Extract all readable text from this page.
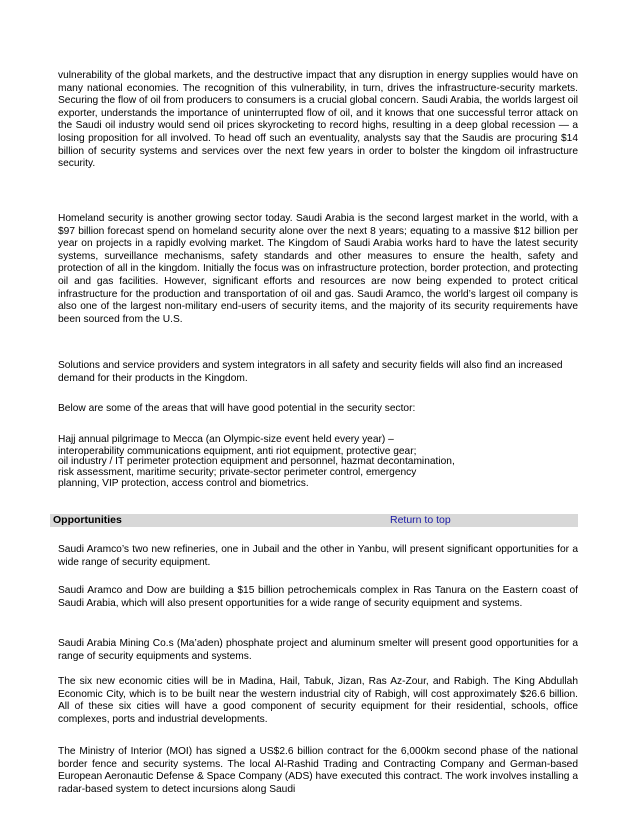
vulnerability of the global markets, and the destructive impact that any disruption in energy supplies would have on many national economies. The recognition of this vulnerability, in turn, drives the infrastructure-security markets. Securing the flow of oil from producers to consumers is a crucial global concern. Saudi Arabia, the worlds largest oil exporter, understands the importance of uninterrupted flow of oil, and it knows that one successful terror attack on the Saudi oil industry would send oil prices skyrocketing to record highs, resulting in a deep global recession — a losing proposition for all involved. To head off such an eventuality, analysts say that the Saudis are procuring $14 billion of security systems and services over the next few years in order to bolster the kingdom oil infrastructure security.

Homeland security is another growing sector today. Saudi Arabia is the second largest market in the world, with a $97 billion forecast spend on homeland security alone over the next 8 years; equating to a massive $12 billion per year on projects in a rapidly evolving market. The Kingdom of Saudi Arabia works hard to have the latest security systems, surveillance mechanisms, safety standards and other measures to ensure the health, safety and protection of all in the kingdom. Initially the focus was on infrastructure protection, border protection, and protecting oil and gas facilities. However, significant efforts and resources are now being expended to protect critical infrastructure for the production and transportation of oil and gas. Saudi Aramco, the world’s largest oil company is also one of the largest non-military end-users of security items, and the majority of its security requirements have been sourced from the U.S.

Solutions and service providers and system integrators in all safety and security fields will also find an increased demand for their products in the Kingdom.

Below are some of the areas that will have good potential in the security sector:

Hajj annual pilgrimage to Mecca (an Olympic-size event held every year) –
interoperability communications equipment, anti riot equipment, protective gear;
oil industry / IT perimeter protection equipment and personnel, hazmat decontamination,
risk assessment, maritime security; private-sector perimeter control, emergency
planning, VIP protection, access control and biometrics.
Opportunities	Return to top

Saudi Aramco’s two new refineries, one in Jubail and the other in Yanbu, will present significant opportunities for a wide range of security equipment.

Saudi Aramco and Dow are building a $15 billion petrochemicals complex in Ras Tanura on the Eastern coast of Saudi Arabia, which will also present opportunities for a wide range of security equipment and systems.

Saudi Arabia Mining Co.s (Ma’aden) phosphate project and aluminum smelter will present good opportunities for a range of security equipments and systems.

The six new economic cities will be in Madina, Hail, Tabuk, Jizan, Ras Az-Zour, and Rabigh. The King Abdullah Economic City, which is to be built near the western industrial city of Rabigh, will cost approximately $26.6 billion. All of these six cities will have a good component of security equipment for their residential, schools, office complexes, ports and industrial developments.

The Ministry of Interior (MOI) has signed a US$2.6 billion contract for the 6,000km second phase of the national border fence and security systems. The local Al-Rashid Trading and Contracting Company and German-based European Aeronautic Defense & Space Company (ADS) have executed this contract. The work involves installing a radar-based system to detect incursions along Saudi
